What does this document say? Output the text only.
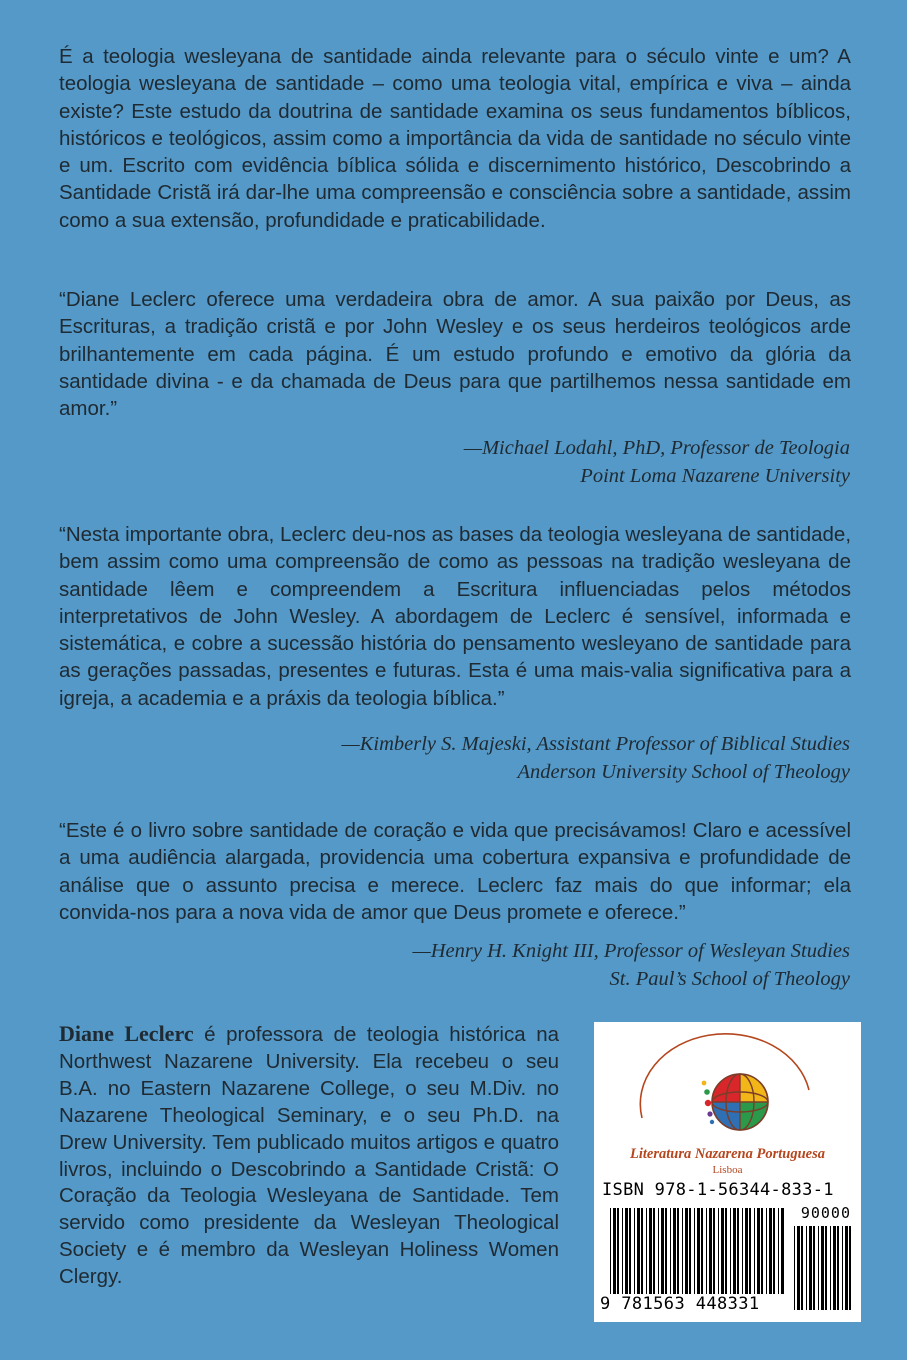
É a teologia wesleyana de santidade ainda relevante para o século vinte e um? A teologia wesleyana de santidade – como uma teologia vital, empírica e viva – ainda existe? Este estudo da doutrina de santidade examina os seus fundamentos bíblicos, históricos e teológicos, assim como a importância da vida de santidade no século vinte e um. Escrito com evidência bíblica sólida e discernimento histórico, Descobrindo a Santidade Cristã irá dar-lhe uma compreensão e consciência sobre a santidade, assim como a sua extensão, profundidade e praticabilidade.

“Diane Leclerc oferece uma verdadeira obra de amor. A sua paixão por Deus, as Escrituras, a tradição cristã e por John Wesley e os seus herdeiros teológicos arde brilhantemente em cada página. É um estudo profundo e emotivo da glória da santidade divina - e da chamada de Deus para que partilhemos nessa santidade em amor.”

—Michael Lodahl, PhD, Professor de Teologia
Point Loma Nazarene University

“Nesta importante obra, Leclerc deu-nos as bases da teologia wesleyana de santidade, bem assim como uma compreensão de como as pessoas na tradição wesleyana de santidade lêem e compreendem a Escritura influenciadas pelos métodos interpretativos de John Wesley. A abordagem de Leclerc é sensível, informada e sistemática, e cobre a sucessão história do pensamento wesleyano de santidade para as gerações passadas, presentes e futuras. Esta é uma mais-valia significativa para a igreja, a academia e a práxis da teologia bíblica.”

—Kimberly S. Majeski, Assistant Professor of Biblical Studies
Anderson University School of Theology

“Este é o livro sobre santidade de coração e vida que precisávamos! Claro e acessível a uma audiência alargada, providencia uma cobertura expansiva e profundidade de análise que o assunto precisa e merece. Leclerc faz mais do que informar; ela convida-nos para a nova vida de amor que Deus promete e oferece.”

—Henry H. Knight III, Professor of Wesleyan Studies
St. Paul’s School of Theology

Diane Leclerc é professora de teologia histórica na Northwest Nazarene University. Ela recebeu o seu B.A. no Eastern Nazarene College, o seu M.Div. no Nazarene Theological Seminary, e o seu Ph.D. na Drew University. Tem publicado muitos artigos e quatro livros, incluindo o Descobrindo a Santidade Cristã: O Coração da Teologia Wesleyana de Santidade. Tem servido como presidente da Wesleyan Theological Society e é membro da Wesleyan Holiness Women Clergy.

Literatura Nazarena Portuguesa
Lisboa
ISBN 978-1-56344-833-1
90000
9 781563 448331
